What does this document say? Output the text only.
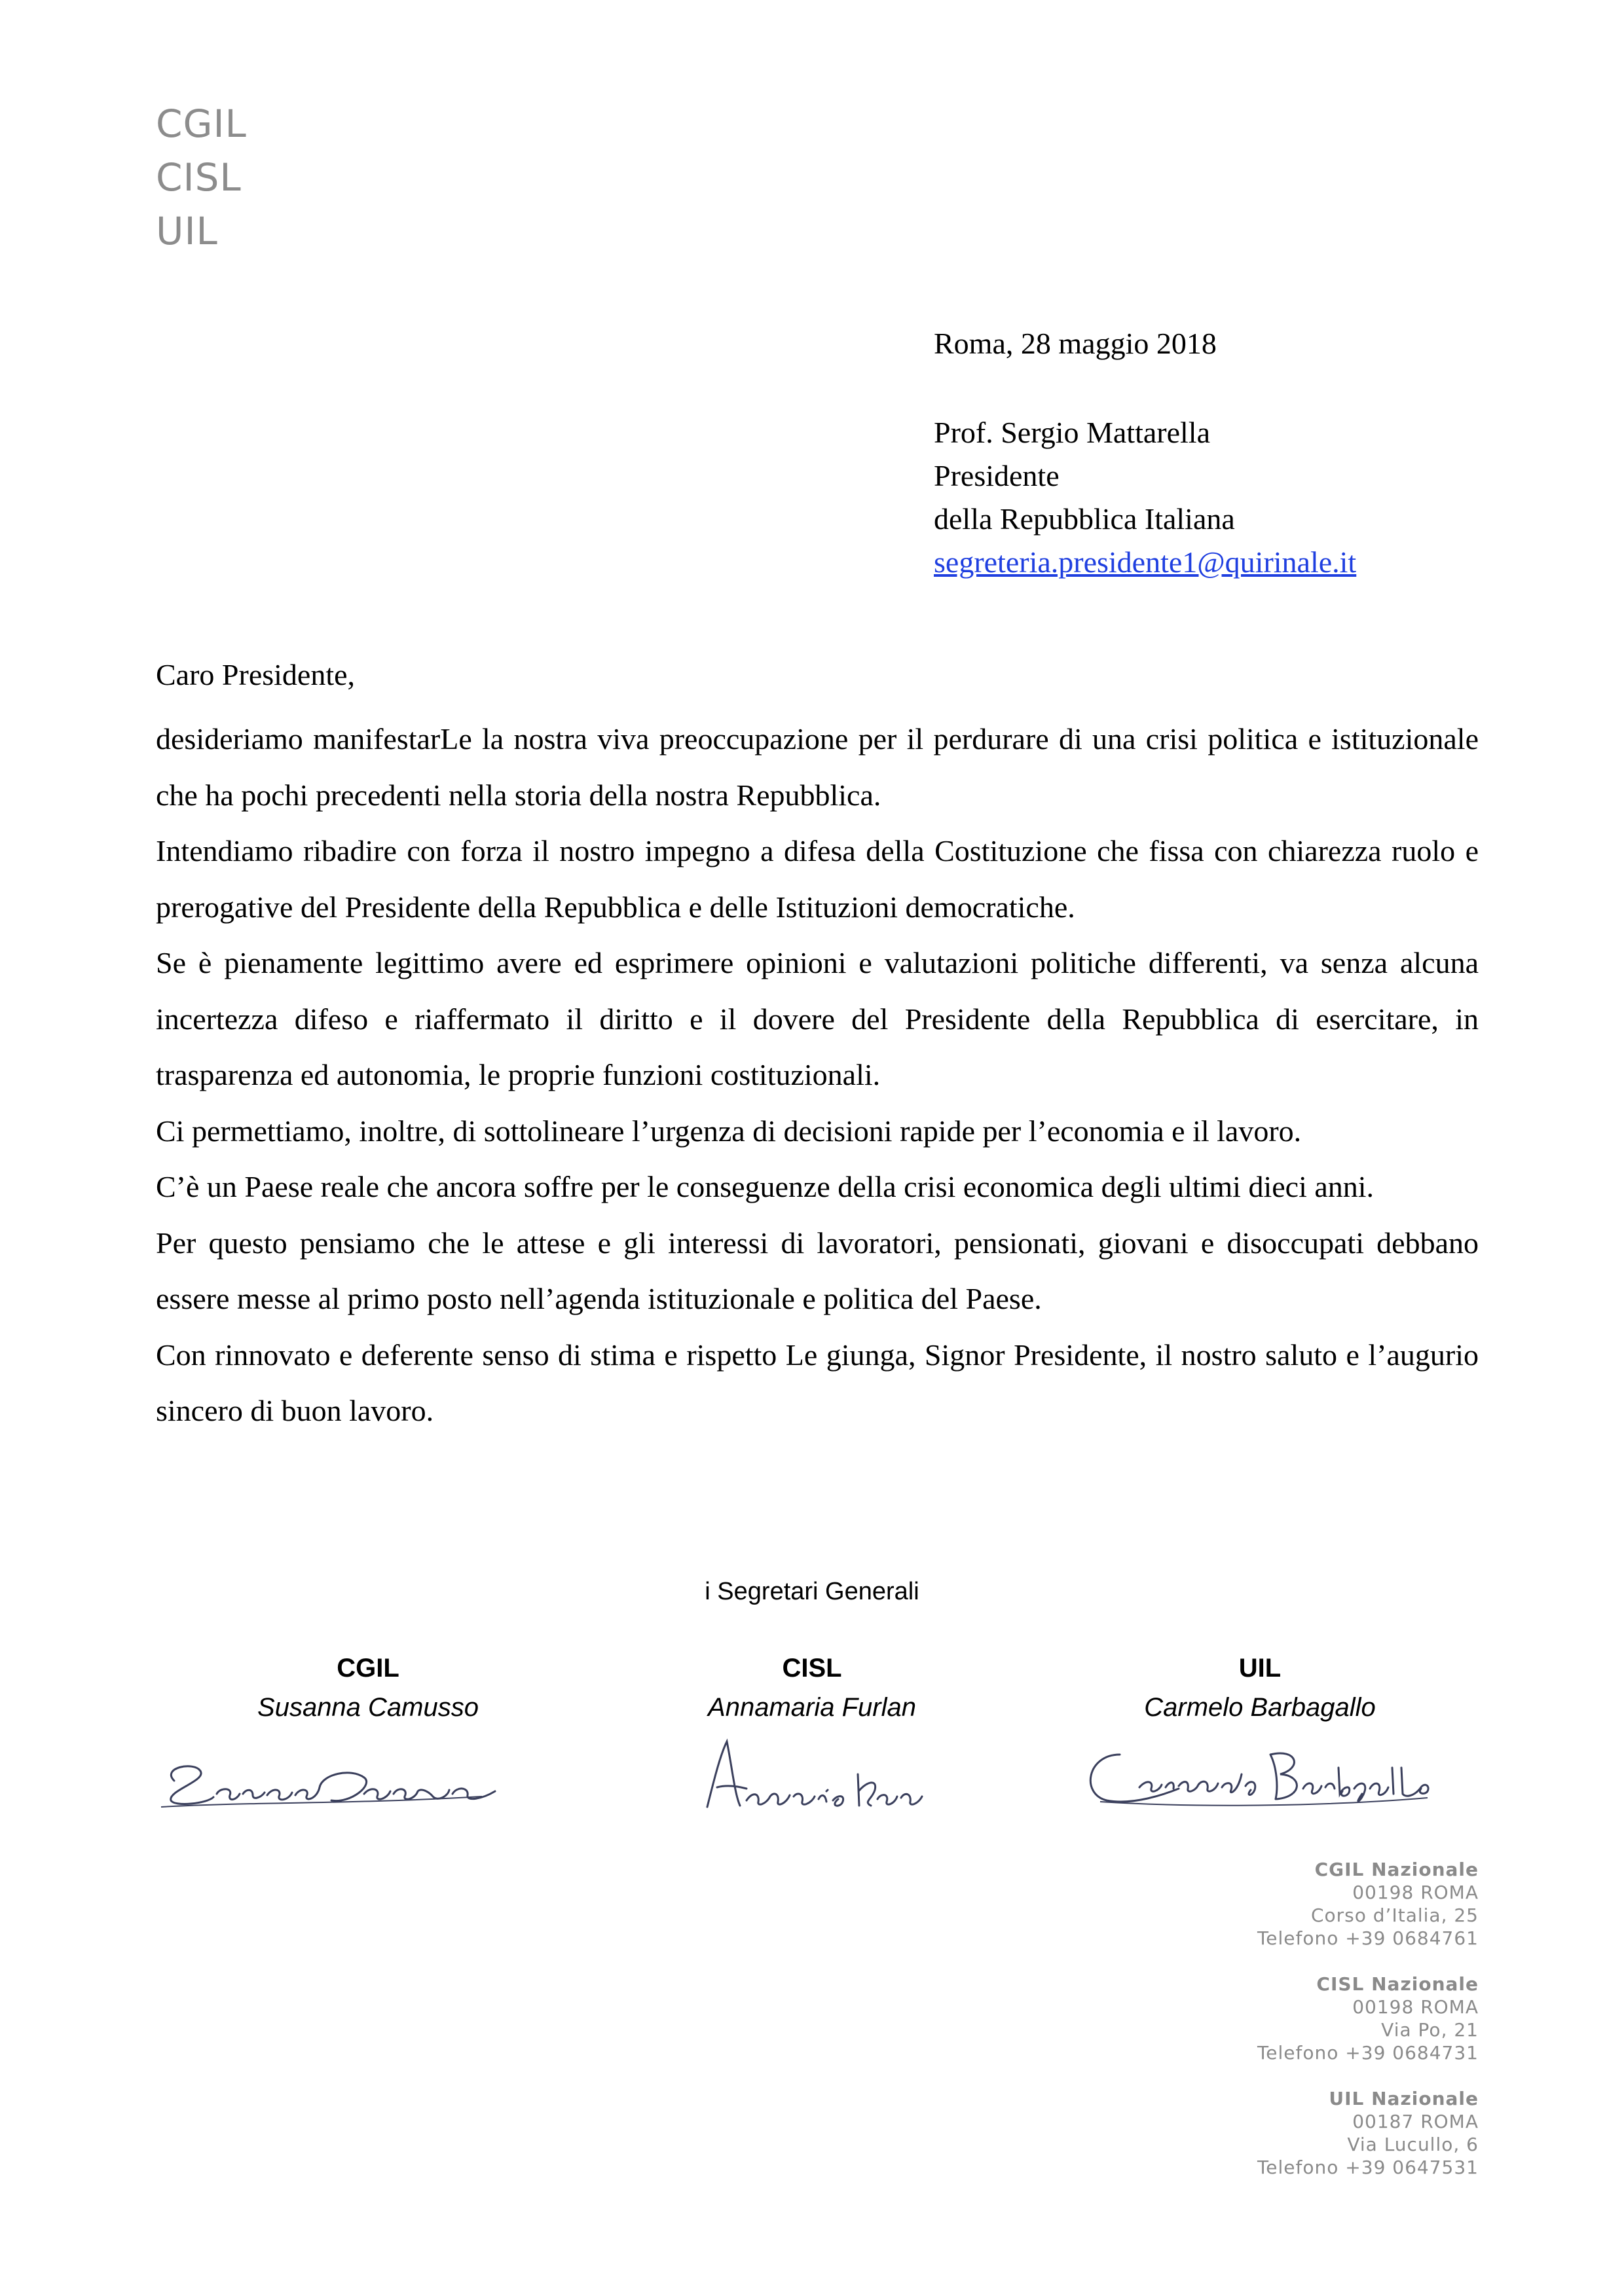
CGIL
CISL
UIL
Roma, 28 maggio 2018
Prof. Sergio Mattarella
Presidente
della Repubblica Italiana
segreteria.presidente1@quirinale.it
Caro Presidente,

desideriamo manifestarLe la nostra viva preoccupazione per il perdurare di una crisi politica e istituzionale che ha pochi precedenti nella storia della nostra Repubblica.

Intendiamo ribadire con forza il nostro impegno a difesa della Costituzione che fissa con chiarezza ruolo e prerogative del Presidente della Repubblica e delle Istituzioni democratiche.

Se è pienamente legittimo avere ed esprimere opinioni e valutazioni politiche differenti, va senza alcuna incertezza difeso e riaffermato il diritto e il dovere del Presidente della Repubblica di esercitare, in trasparenza ed autonomia, le proprie funzioni costituzionali.

Ci permettiamo, inoltre, di sottolineare l’urgenza di decisioni rapide per l’economia e il lavoro.

C’è un Paese reale che ancora soffre per le conseguenze della crisi economica degli ultimi dieci anni.

Per questo pensiamo che le attese e gli interessi di lavoratori, pensionati, giovani e disoccupati debbano essere messe al primo posto nell’agenda istituzionale e politica del Paese.

Con rinnovato e deferente senso di stima e rispetto Le giunga, Signor Presidente, il nostro saluto e l’augurio sincero di buon lavoro.

i Segretari Generali
CGIL
Susanna Camusso
CISL
Annamaria Furlan
UIL
Carmelo Barbagallo
CGIL Nazionale
00198 ROMA
Corso d’Italia, 25
Telefono +39 0684761
CISL Nazionale
00198 ROMA
Via Po, 21
Telefono +39 0684731
UIL Nazionale
00187 ROMA
Via Lucullo, 6
Telefono +39 0647531
